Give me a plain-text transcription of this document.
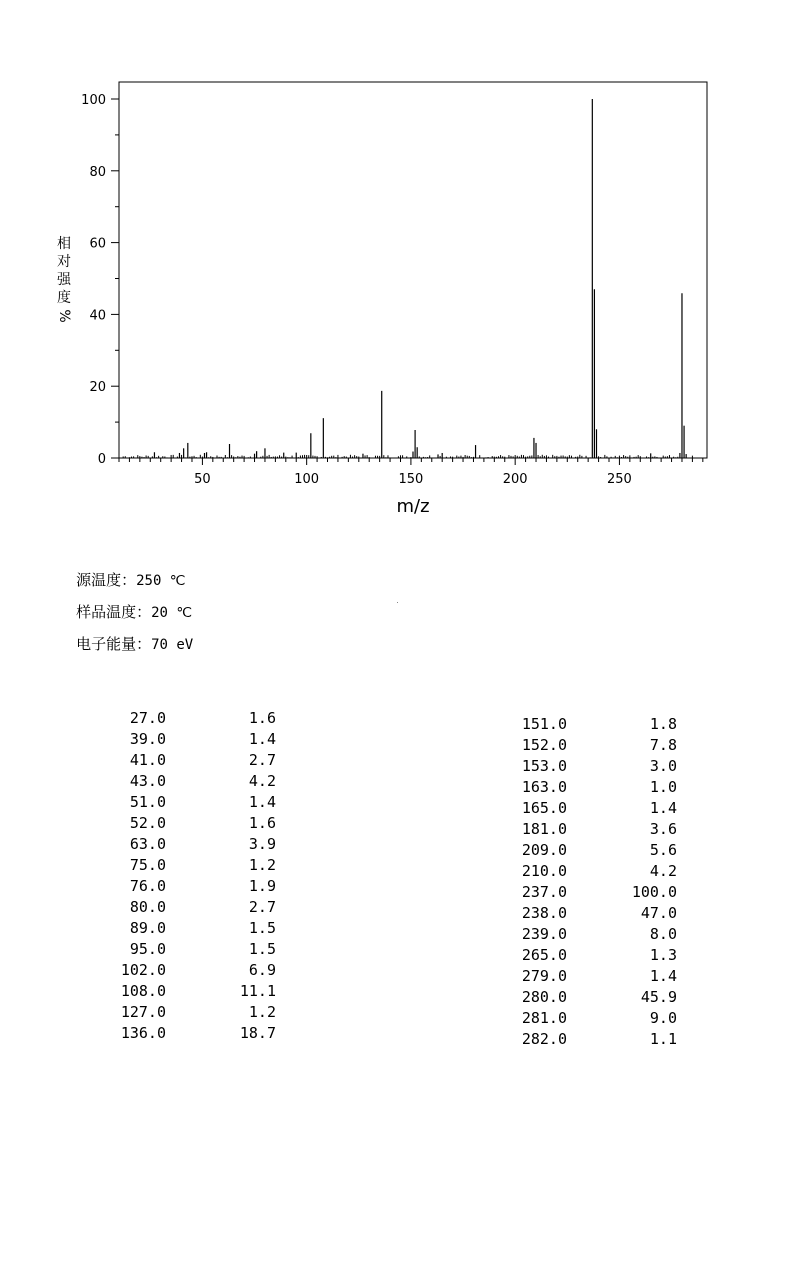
50	100	150	200	250
0
20
40
60
80
100
m/z
相
对
强
度
%

源温度：250 ℃

样品温度：20 ℃

电子能量：70 eV

27.0	1.6
39.0	1.4
41.0	2.7
43.0	4.2
51.0	1.4
52.0	1.6
63.0	3.9
75.0	1.2
76.0	1.9
80.0	2.7
89.0	1.5
95.0	1.5
102.0	6.9
108.0	11.1
127.0	1.2
136.0	18.7
151.0	1.8
152.0	7.8
153.0	3.0
163.0	1.0
165.0	1.4
181.0	3.6
209.0	5.6
210.0	4.2
237.0	100.0
238.0	47.0
239.0	8.0
265.0	1.3
279.0	1.4
280.0	45.9
281.0	9.0
282.0	1.1
